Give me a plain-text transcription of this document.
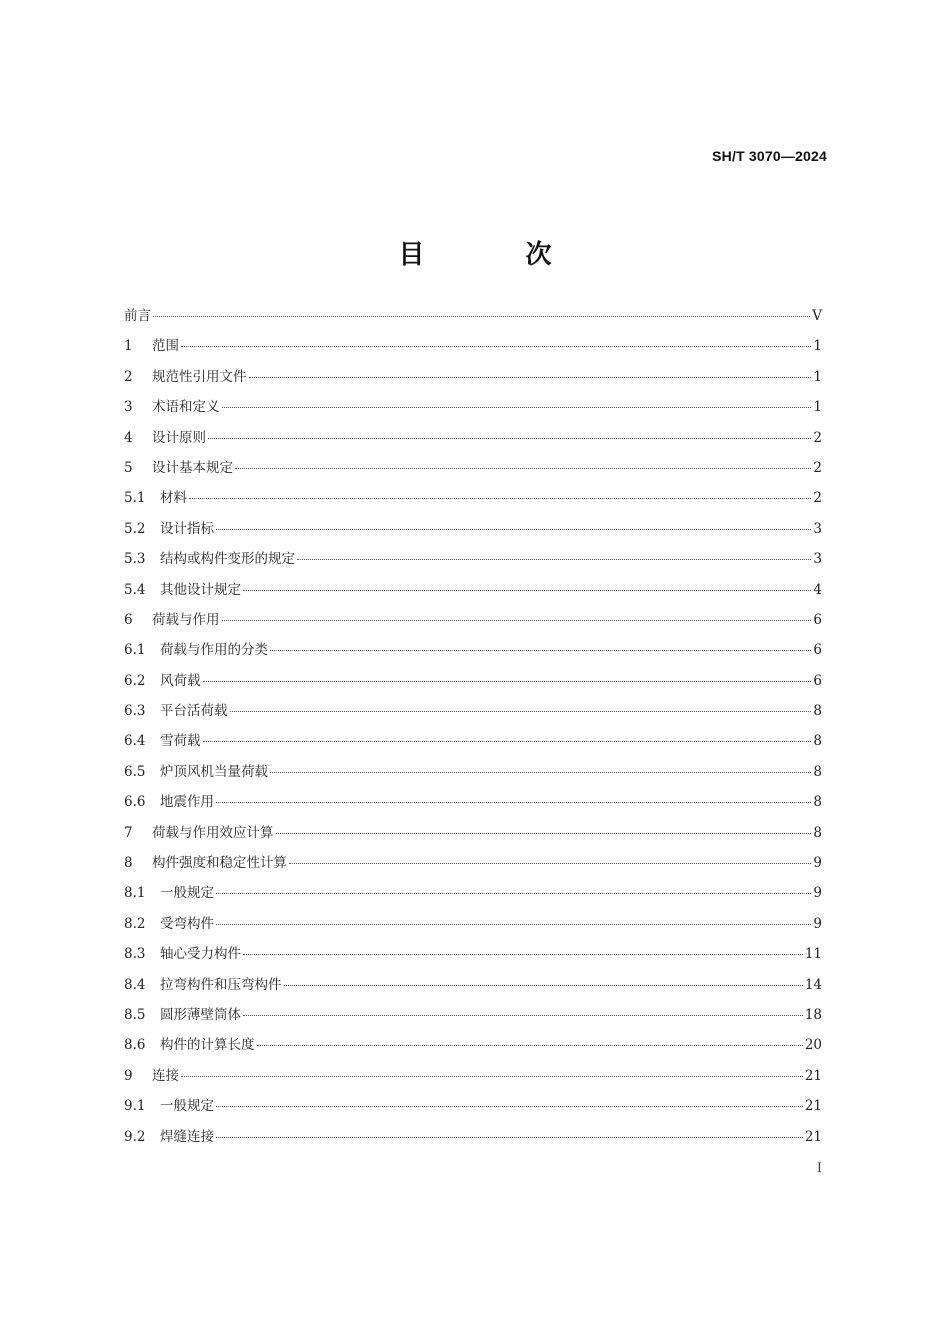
SH/T 3070—2024
目 次
前言	V
1	范围	1
2	规范性引用文件	1
3	术语和定义	1
4	设计原则	2
5	设计基本规定	2
5.1	材料	2
5.2	设计指标	3
5.3	结构或构件变形的规定	3
5.4	其他设计规定	4
6	荷载与作用	6
6.1	荷载与作用的分类	6
6.2	风荷载	6
6.3	平台活荷载	8
6.4	雪荷载	8
6.5	炉顶风机当量荷载	8
6.6	地震作用	8
7	荷载与作用效应计算	8
8	构件强度和稳定性计算	9
8.1	一般规定	9
8.2	受弯构件	9
8.3	轴心受力构件	11
8.4	拉弯构件和压弯构件	14
8.5	圆形薄壁筒体	18
8.6	构件的计算长度	20
9	连接	21
9.1	一般规定	21
9.2	焊缝连接	21
I
